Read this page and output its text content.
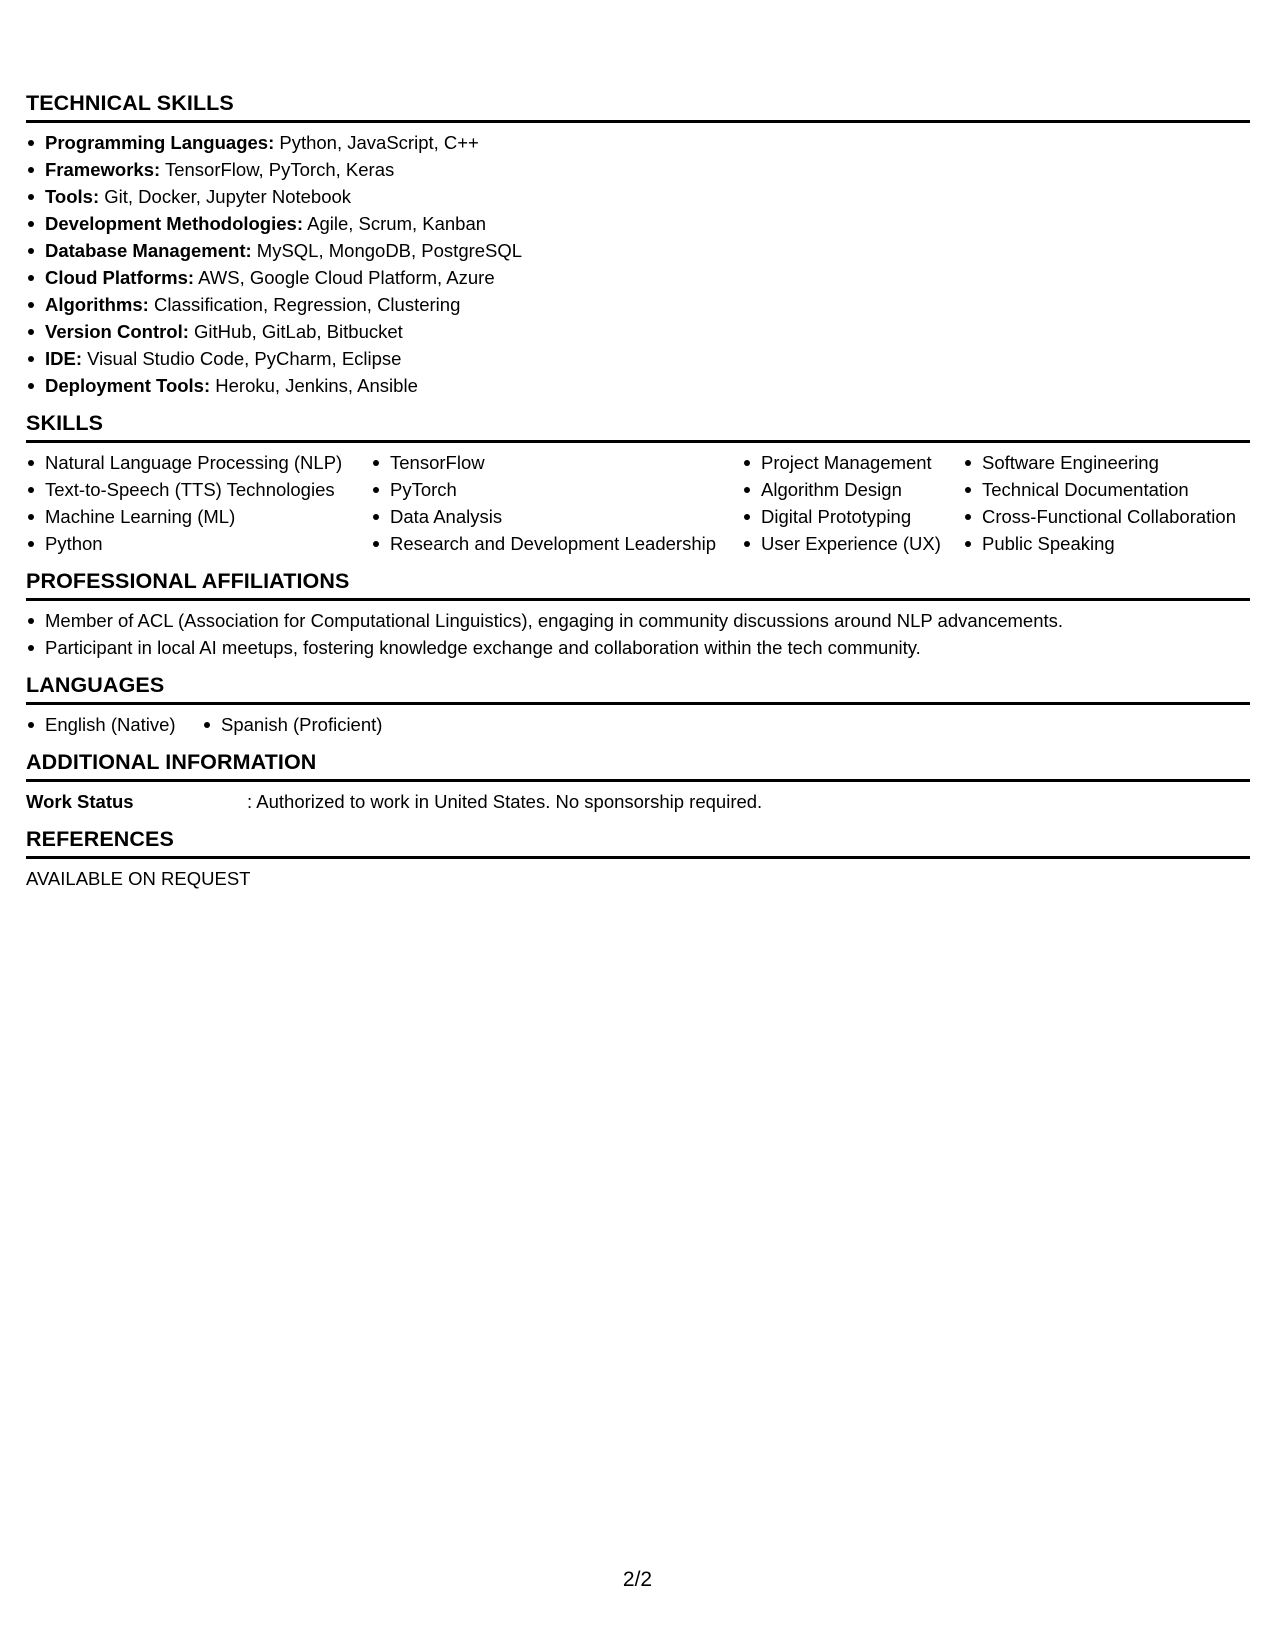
TECHNICAL SKILLS
Programming Languages: Python, JavaScript, C++
Frameworks: TensorFlow, PyTorch, Keras
Tools: Git, Docker, Jupyter Notebook
Development Methodologies: Agile, Scrum, Kanban
Database Management: MySQL, MongoDB, PostgreSQL
Cloud Platforms: AWS, Google Cloud Platform, Azure
Algorithms: Classification, Regression, Clustering
Version Control: GitHub, GitLab, Bitbucket
IDE: Visual Studio Code, PyCharm, Eclipse
Deployment Tools: Heroku, Jenkins, Ansible
SKILLS
Natural Language Processing (NLP)
Text-to-Speech (TTS) Technologies
Machine Learning (ML)
Python
TensorFlow
PyTorch
Data Analysis
Research and Development Leadership
Project Management
Algorithm Design
Digital Prototyping
User Experience (UX)
Software Engineering
Technical Documentation
Cross-Functional Collaboration
Public Speaking
PROFESSIONAL AFFILIATIONS
Member of ACL (Association for Computational Linguistics), engaging in community discussions around NLP advancements.
Participant in local AI meetups, fostering knowledge exchange and collaboration within the tech community.
LANGUAGES
English (Native)	Spanish (Proficient)
ADDITIONAL INFORMATION
Work Status	: Authorized to work in United States. No sponsorship required.
REFERENCES
AVAILABLE ON REQUEST
2/2
